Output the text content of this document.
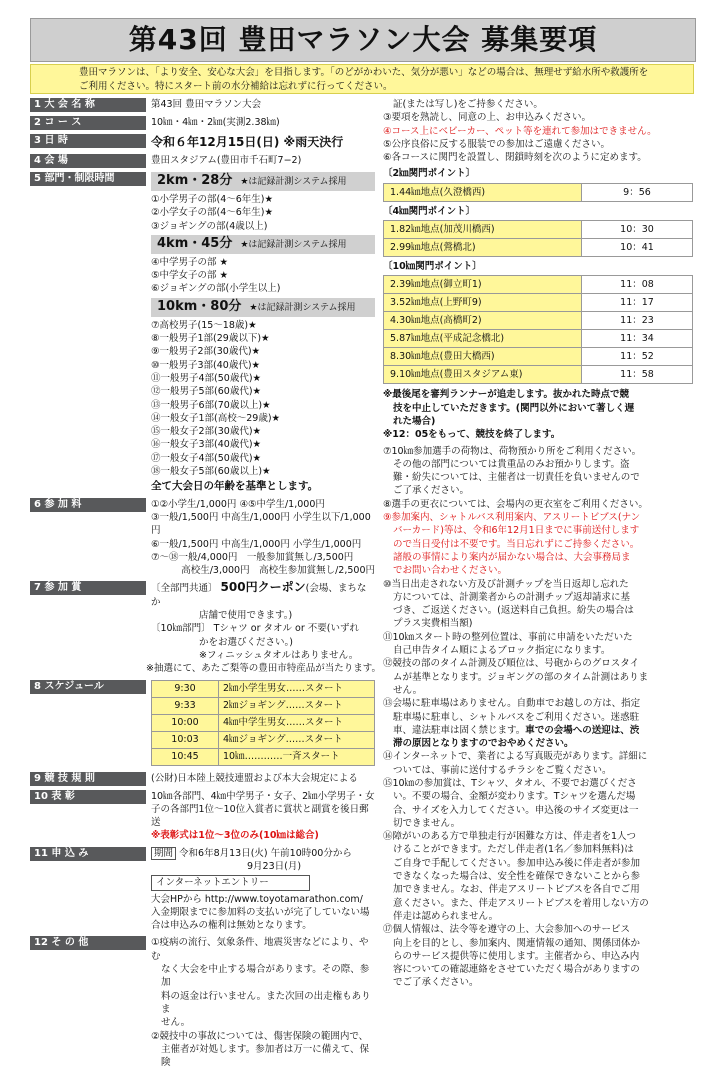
第43回 豊田マラソン大会 募集要項

豊田マラソンは、「より安全、安心な大会」を目指します。「のどがかわいた、気分が悪い」などの場合は、無理せず給水所や救護所を

ご利用ください。特にスタート前の水分補給は忘れずに行ってください。

1 大 会 名 称	第43回 豊田マラソン大会
2 コ ー ス	10㎞・4㎞・2㎞(実測2.38㎞)
3 日 時	令和６年12月15日(日) ※雨天決行
4 会 場	豊田スタジアム(豊田市千石町7−2)
5 部門・制限時間	2km・28分 ★は記録計測システム採用

①小学男子の部(4〜6年生)★

②小学女子の部(4〜6年生)★

③ジョギングの部(4歳以上)

4km・45分 ★は記録計測システム採用

④中学男子の部 ★

⑤中学女子の部 ★

⑥ジョギングの部(小学生以上)

10km・80分 ★は記録計測システム採用

⑦高校男子(15〜18歳)★

⑧一般男子1部(29歳以下)★

⑨一般男子2部(30歳代)★

⑩一般男子3部(40歳代)★

⑪一般男子4部(50歳代)★

⑫一般男子5部(60歳代)★

⑬一般男子6部(70歳以上)★

⑭一般女子1部(高校〜29歳)★

⑮一般女子2部(30歳代)★

⑯一般女子3部(40歳代)★

⑰一般女子4部(50歳代)★

⑱一般女子5部(60歳以上)★

全て大会日の年齢を基準とします。

6 参 加 料	①②小学生/1,000円 ④⑤中学生/1,000円

③一般/1,500円 中高生/1,000円 小学生以下/1,000円

⑥一般/1,500円 中高生/1,000円 小学生/1,000円

⑦〜⑱一般/4,000円　一般参加賞無し/3,500円

高校生/3,000円　高校生参加賞無し/2,500円

7 参 加 賞	〔全部門共通〕 500円クーポン(会場、まちなか

店舗で使用できます。)

〔10㎞部門〕 Tシャツ or タオル or 不要(いずれ

かをお選びください。)

※フィニッシュタオルはありません。

※抽選にて、あたご梨等の豊田市特産品が当たります。

8 スケジュール	9:30	2㎞小学生男女……スタート
9:33	2㎞ジョギング……スタート
10:00	4㎞中学生男女……スタート
10:03	4㎞ジョギング……スタート
10:45	10㎞…………一斉スタート
9 競 技 規 則	(公財)日本陸上競技連盟および本大会規定による
10 表 彰	10㎞各部門、4㎞中学男子・女子、2㎞小学男子・女

子の各部門1位〜10位入賞者に賞状と副賞を後日郵送

※表彰式は1位〜3位のみ(10㎞は総合)

11 申 込 み	期間 令和6年8月13日(火) 午前10時00分から

9月23日(月)

インターネットエントリー

大会HPから http://www.toyotamarathon.com/

入金期限までに参加料の支払いが完了していない場

合は申込みの権利は無効となります。

12 そ の 他	①疫病の流行、気象条件、地震災害などにより、やむ

なく大会を中止する場合があります。その際、参加

料の返金は行いません。また次回の出走権もありま

せん。

②競技中の事故については、傷害保険の範囲内で、

主催者が対処します。参加者は万一に備えて、保険

証(または写し)をご持参ください。

③要項を熟読し、同意の上、お申込みください。

④コース上にベビーカー、ペット等を連れて参加はできません。

⑤公序良俗に反する服装での参加はご遠慮ください。

⑥各コースに関門を設置し、閉鎖時刻を次のように定めます。

〔2㎞関門ポイント〕

1.44㎞地点(久澄橋西)	9：56

〔4㎞関門ポイント〕

1.82㎞地点(加茂川橋西)	10：30
2.99㎞地点(鶯橋北)	10：41

〔10㎞関門ポイント〕

2.39㎞地点(御立町1)	11：08
3.52㎞地点(上野町9)	11：17
4.30㎞地点(高橋町2)	11：23
5.87㎞地点(平成記念橋北)	11：34
8.30㎞地点(豊田大橋西)	11：52
9.10㎞地点(豊田スタジアム東)	11：58

※最後尾を審判ランナーが追走します。抜かれた時点で競

技を中止していただきます。(関門以外において著しく遅

れた場合)

※12：05をもって、競技を終了します。

⑦10㎞参加選手の荷物は、荷物預かり所をご利用ください。

その他の部門については貴重品のみお預かりします。盗

難・紛失については、主催者は一切責任を負いませんので

ご了承ください。

⑧選手の更衣については、会場内の更衣室をご利用ください。

⑨参加案内、シャトルバス利用案内、アスリートビブス(ナン

バーカード)等は、令和6年12月1日までに事前送付します

ので当日受付は不要です。当日忘れずにご持参ください。

諸般の事情により案内が届かない場合は、大会事務局ま

でお問い合わせください。

⑩当日出走されない方及び計測チップを当日返却し忘れた

方については、計測業者からの計測チップ返却請求に基

づき、ご返送ください。(返送料自己負担。紛失の場合は

プラス実費相当額)

⑪10㎞スタート時の整列位置は、事前に申請をいただいた

自己申告タイム順によるブロック指定になります。

⑫競技の部のタイム計測及び順位は、号砲からのグロスタイ

ムが基準となります。ジョギングの部のタイム計測はありま

せん。

⑬会場に駐車場はありません。自動車でお越しの方は、指定

駐車場に駐車し、シャトルバスをご利用ください。迷惑駐

車、違法駐車は固く禁じます。車での会場への送迎は、渋

滞の原因となりますのでおやめください。

⑭インターネットで、業者による写真販売があります。詳細に

ついては、事前に送付するチラシをご覧ください。

⑮10㎞の参加賞は、Tシャツ、タオル、不要でお選びくださ

い。不要の場合、金額が変わります。Tシャツを選んだ場

合、サイズを入力してください。申込後のサイズ変更は一

切できません。

⑯障がいのある方で単独走行が困難な方は、伴走者を1人つ

けることができます。ただし伴走者(1名／参加料無料)は

ご自身で手配してください。参加申込み後に伴走者が参加

できなくなった場合は、安全性を確保できないことから参

加できません。なお、伴走アスリートビブスを各自でご用

意ください。また、伴走アスリートビブスを着用しない方の

伴走は認められません。

⑰個人情報は、法令等を遵守の上、大会参加へのサービス

向上を目的とし、参加案内、関連情報の通知、関係団体か

らのサービス提供等に使用します。主催者から、申込み内

容についての確認連絡をさせていただく場合がありますの

でご了承ください。
